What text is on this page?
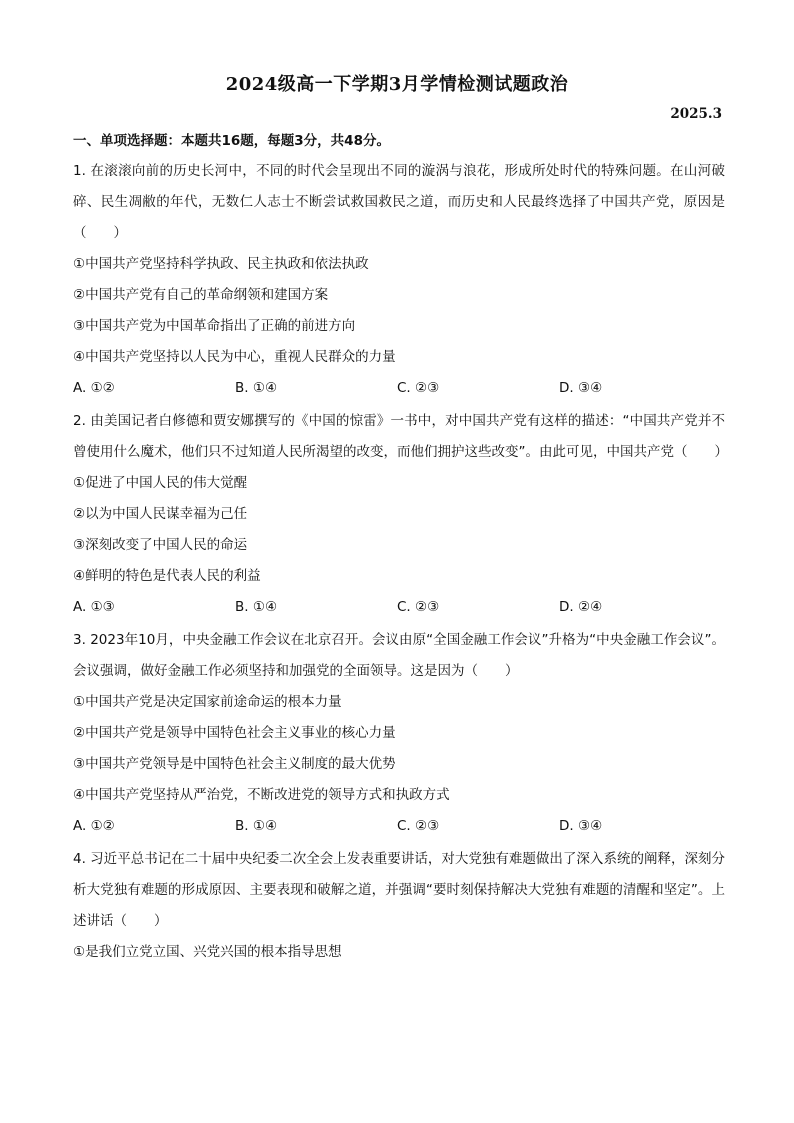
2024级高一下学期3月学情检测试题政治
2025.3
一、单项选择题：本题共16题，每题3分，共48分。
1. 在滚滚向前的历史长河中，不同的时代会呈现出不同的漩涡与浪花，形成所处时代的特殊问题。在山河破碎、民生凋敝的年代，无数仁人志士不断尝试救国救民之道，而历史和人民最终选择了中国共产党，原因是（　　）
①中国共产党坚持科学执政、民主执政和依法执政
②中国共产党有自己的革命纲领和建国方案
③中国共产党为中国革命指出了正确的前进方向
④中国共产党坚持以人民为中心，重视人民群众的力量
A. ①②	B. ①④	C. ②③	D. ③④
2. 由美国记者白修德和贾安娜撰写的《中国的惊雷》一书中，对中国共产党有这样的描述：“中国共产党并不曾使用什么魔术，他们只不过知道人民所渴望的改变，而他们拥护这些改变”。由此可见，中国共产党（　　）
①促进了中国人民的伟大觉醒
②以为中国人民谋幸福为己任
③深刻改变了中国人民的命运
④鲜明的特色是代表人民的利益
A. ①③	B. ①④	C. ②③	D. ②④
3. 2023年10月，中央金融工作会议在北京召开。会议由原“全国金融工作会议”升格为“中央金融工作会议”。会议强调，做好金融工作必须坚持和加强党的全面领导。这是因为（　　）
①中国共产党是决定国家前途命运的根本力量
②中国共产党是领导中国特色社会主义事业的核心力量
③中国共产党领导是中国特色社会主义制度的最大优势
④中国共产党坚持从严治党，不断改进党的领导方式和执政方式
A. ①②	B. ①④	C. ②③	D. ③④
4. 习近平总书记在二十届中央纪委二次全会上发表重要讲话，对大党独有难题做出了深入系统的阐释，深刻分析大党独有难题的形成原因、主要表现和破解之道，并强调“要时刻保持解决大党独有难题的清醒和坚定”。上述讲话（　　）
①是我们立党立国、兴党兴国的根本指导思想
